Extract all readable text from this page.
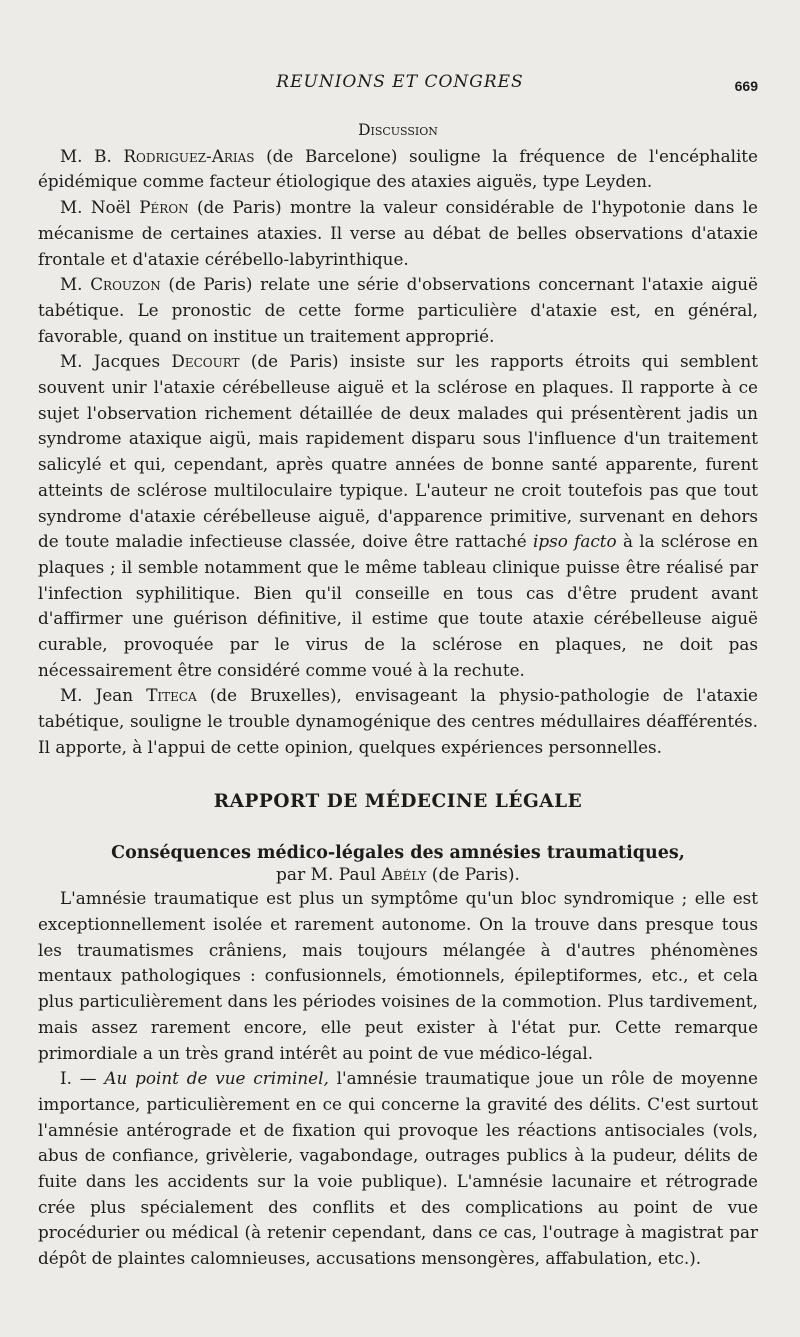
REUNIONS ET CONGRES	669

Discussion

M. B. Rodriguez-Arias (de Barcelone) souligne la fréquence de l'encéphalite épidémique comme facteur étiologique des ataxies aiguës, type Leyden.

M. Noël Péron (de Paris) montre la valeur considérable de l'hypotonie dans le mécanisme de certaines ataxies. Il verse au débat de belles observations d'ataxie frontale et d'ataxie cérébello-labyrinthique.

M. Crouzon (de Paris) relate une série d'observations concernant l'ataxie aiguë tabétique. Le pronostic de cette forme particulière d'ataxie est, en général, favorable, quand on institue un traitement approprié.

M. Jacques Decourt (de Paris) insiste sur les rapports étroits qui semblent souvent unir l'ataxie cérébelleuse aiguë et la sclérose en plaques. Il rapporte à ce sujet l'observation richement détaillée de deux malades qui présentèrent jadis un syndrome ataxique aigü, mais rapidement disparu sous l'influence d'un traitement salicylé et qui, cependant, après quatre années de bonne santé apparente, furent atteints de sclérose multiloculaire typique. L'auteur ne croit toutefois pas que tout syndrome d'ataxie cérébelleuse aiguë, d'apparence primitive, survenant en dehors de toute maladie infectieuse classée, doive être rattaché ipso facto à la sclérose en plaques ; il semble notamment que le même tableau clinique puisse être réalisé par l'infection syphilitique. Bien qu'il conseille en tous cas d'être prudent avant d'affirmer une guérison définitive, il estime que toute ataxie cérébelleuse aiguë curable, provoquée par le virus de la sclérose en plaques, ne doit pas nécessairement être considéré comme voué à la rechute.

M. Jean Titeca (de Bruxelles), envisageant la physio-pathologie de l'ataxie tabétique, souligne le trouble dynamogénique des centres médullaires déafférentés. Il apporte, à l'appui de cette opinion, quelques expériences personnelles.

RAPPORT DE MÉDECINE LÉGALE

Conséquences médico-légales des amnésies traumatiques,

par M. Paul Abély (de Paris).

L'amnésie traumatique est plus un symptôme qu'un bloc syndromique ; elle est exceptionnellement isolée et rarement autonome. On la trouve dans presque tous les traumatismes crâniens, mais toujours mélangée à d'autres phénomènes mentaux pathologiques : confusionnels, émotionnels, épileptiformes, etc., et cela plus particulièrement dans les périodes voisines de la commotion. Plus tardivement, mais assez rarement encore, elle peut exister à l'état pur. Cette remarque primordiale a un très grand intérêt au point de vue médico-légal.

I. — Au point de vue criminel, l'amnésie traumatique joue un rôle de moyenne importance, particulièrement en ce qui concerne la gravité des délits. C'est surtout l'amnésie antérograde et de fixation qui provoque les réactions antisociales (vols, abus de confiance, grivèlerie, vagabondage, outrages publics à la pudeur, délits de fuite dans les accidents sur la voie publique). L'amnésie lacunaire et rétrograde crée plus spécialement des conflits et des complications au point de vue procédurier ou médical (à retenir cependant, dans ce cas, l'outrage à magistrat par dépôt de plaintes calomnieuses, accusations mensongères, affabulation, etc.).
